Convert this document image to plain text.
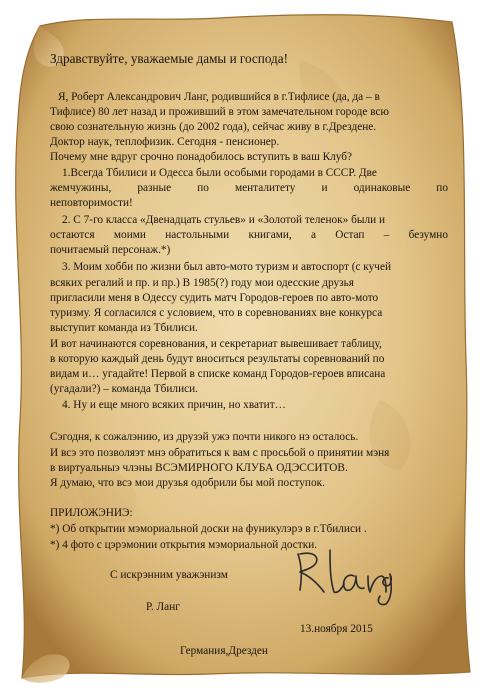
Здравствуйте, уважаемые дамы и господа!
Я, Роберт Александрович Ланг, родившийся в г.Тифлисе (да, да – в
Тифлисе) 80 лет назад и проживший в этом замечательном городе всю
свою сознательную жизнь (до 2002 года), сейчас живу в г.Дрездене.
Доктор наук, теплофизик. Сегодня - пенсионер.
Почему мне вдруг срочно понадобилось вступить в ваш Клуб?
1.Всегда Тбилиси и Одесса были особыми городами в СССР. Две
жемчужины, разные по менталитету и одинаковые по
неповторимости!
2. С 7-го класса «Двенадцать стульев» и «Золотой теленок» были и
остаются моими настольными книгами, а Остап – безумно
почитаемый персонаж.*)
3. Моим хобби по жизни был авто-мото туризм и автоспорт (с кучей
всяких регалий и пр. и пр.) В 1985(?) году мои одесские друзья
пригласили меня в Одессу судить матч Городов-героев по авто-мото
туризму. Я согласился с условием, что в соревнованиях вне конкурса
выступит команда из Тбилиси.
И вот начинаются соревнования, и секретариат вывешивает таблицу,
в которую каждый день будут вноситься результаты соревнований по
видам и… угадайте! Первой в списке команд Городов-героев вписана
(угадали?) – команда Тбилиси.
4. Ну и еще много всяких причин, но хватит…
Сэгодня, к сожалэнию, из друзэй ужэ почти никого нэ осталось.
И всэ это позволяэт мнэ обратиться к вам с просьбой о принятии мэня
в виртуальныэ члэны ВСЭМИРНОГО КЛУБА ОДЭССИТОВ.
Я думаю, что всэ мои друзья одобрили бы мой поступок.
ПРИЛОЖЭНИЭ:
*) Об открытии мэмориальной доски на фуникулэрэ в г.Тбилиси .
*) 4 фото с цэрэмонии открытия мэмориальной достки.
С искрэнним уважэнизм
Р. Ланг
13.ноября 2015
Германия,Дрезден
